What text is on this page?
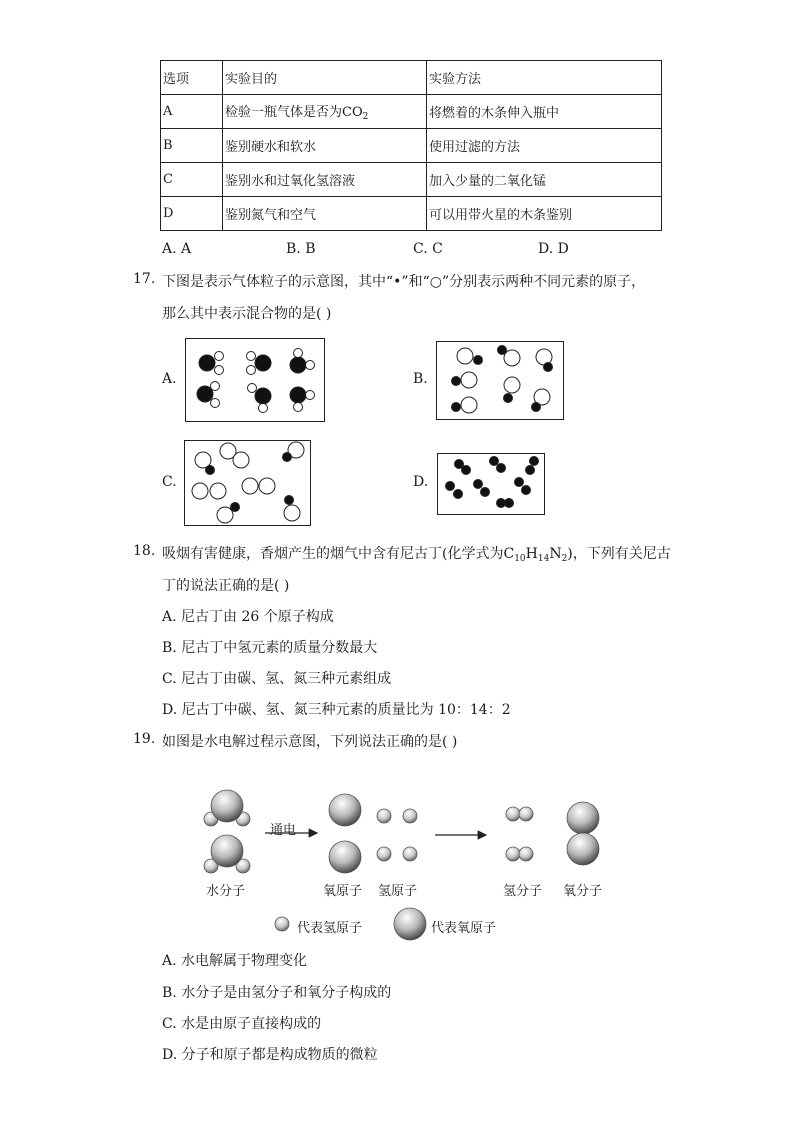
选项	实验目的	实验方法
A	检验一瓶气体是否为$CO_2$	将燃着的木条伸入瓶中
B	鉴别硬水和软水	使用过滤的方法
C	鉴别水和过氧化氢溶液	加入少量的二氧化锰
D	鉴别氮气和空气	可以用带火星的木条鉴别
A. A	B. B	C. C	D. D
17. 下图是表示气体粒子的示意图，其中“•”和“○”分别表示两种不同元素的原子，
那么其中表示混合物的是( )
A.	B.
C.	D.
18. 吸烟有害健康，香烟产生的烟气中含有尼古丁(化学式为$C_{10}H_{14}N_2$)，下列有关尼古
丁的说法正确的是( )
A. 尼古丁由 26 个原子构成
B. 尼古丁中氢元素的质量分数最大
C. 尼古丁由碳、氢、氮三种元素组成
D. 尼古丁中碳、氢、氮三种元素的质量比为 10：14：2
19. 如图是水电解过程示意图，下列说法正确的是( )
通电
水分子	氧原子 氢原子	氢分子 氧分子
代表氢原子	代表氧原子
A. 水电解属于物理变化
B. 水分子是由氢分子和氧分子构成的
C. 水是由原子直接构成的
D. 分子和原子都是构成物质的微粒
